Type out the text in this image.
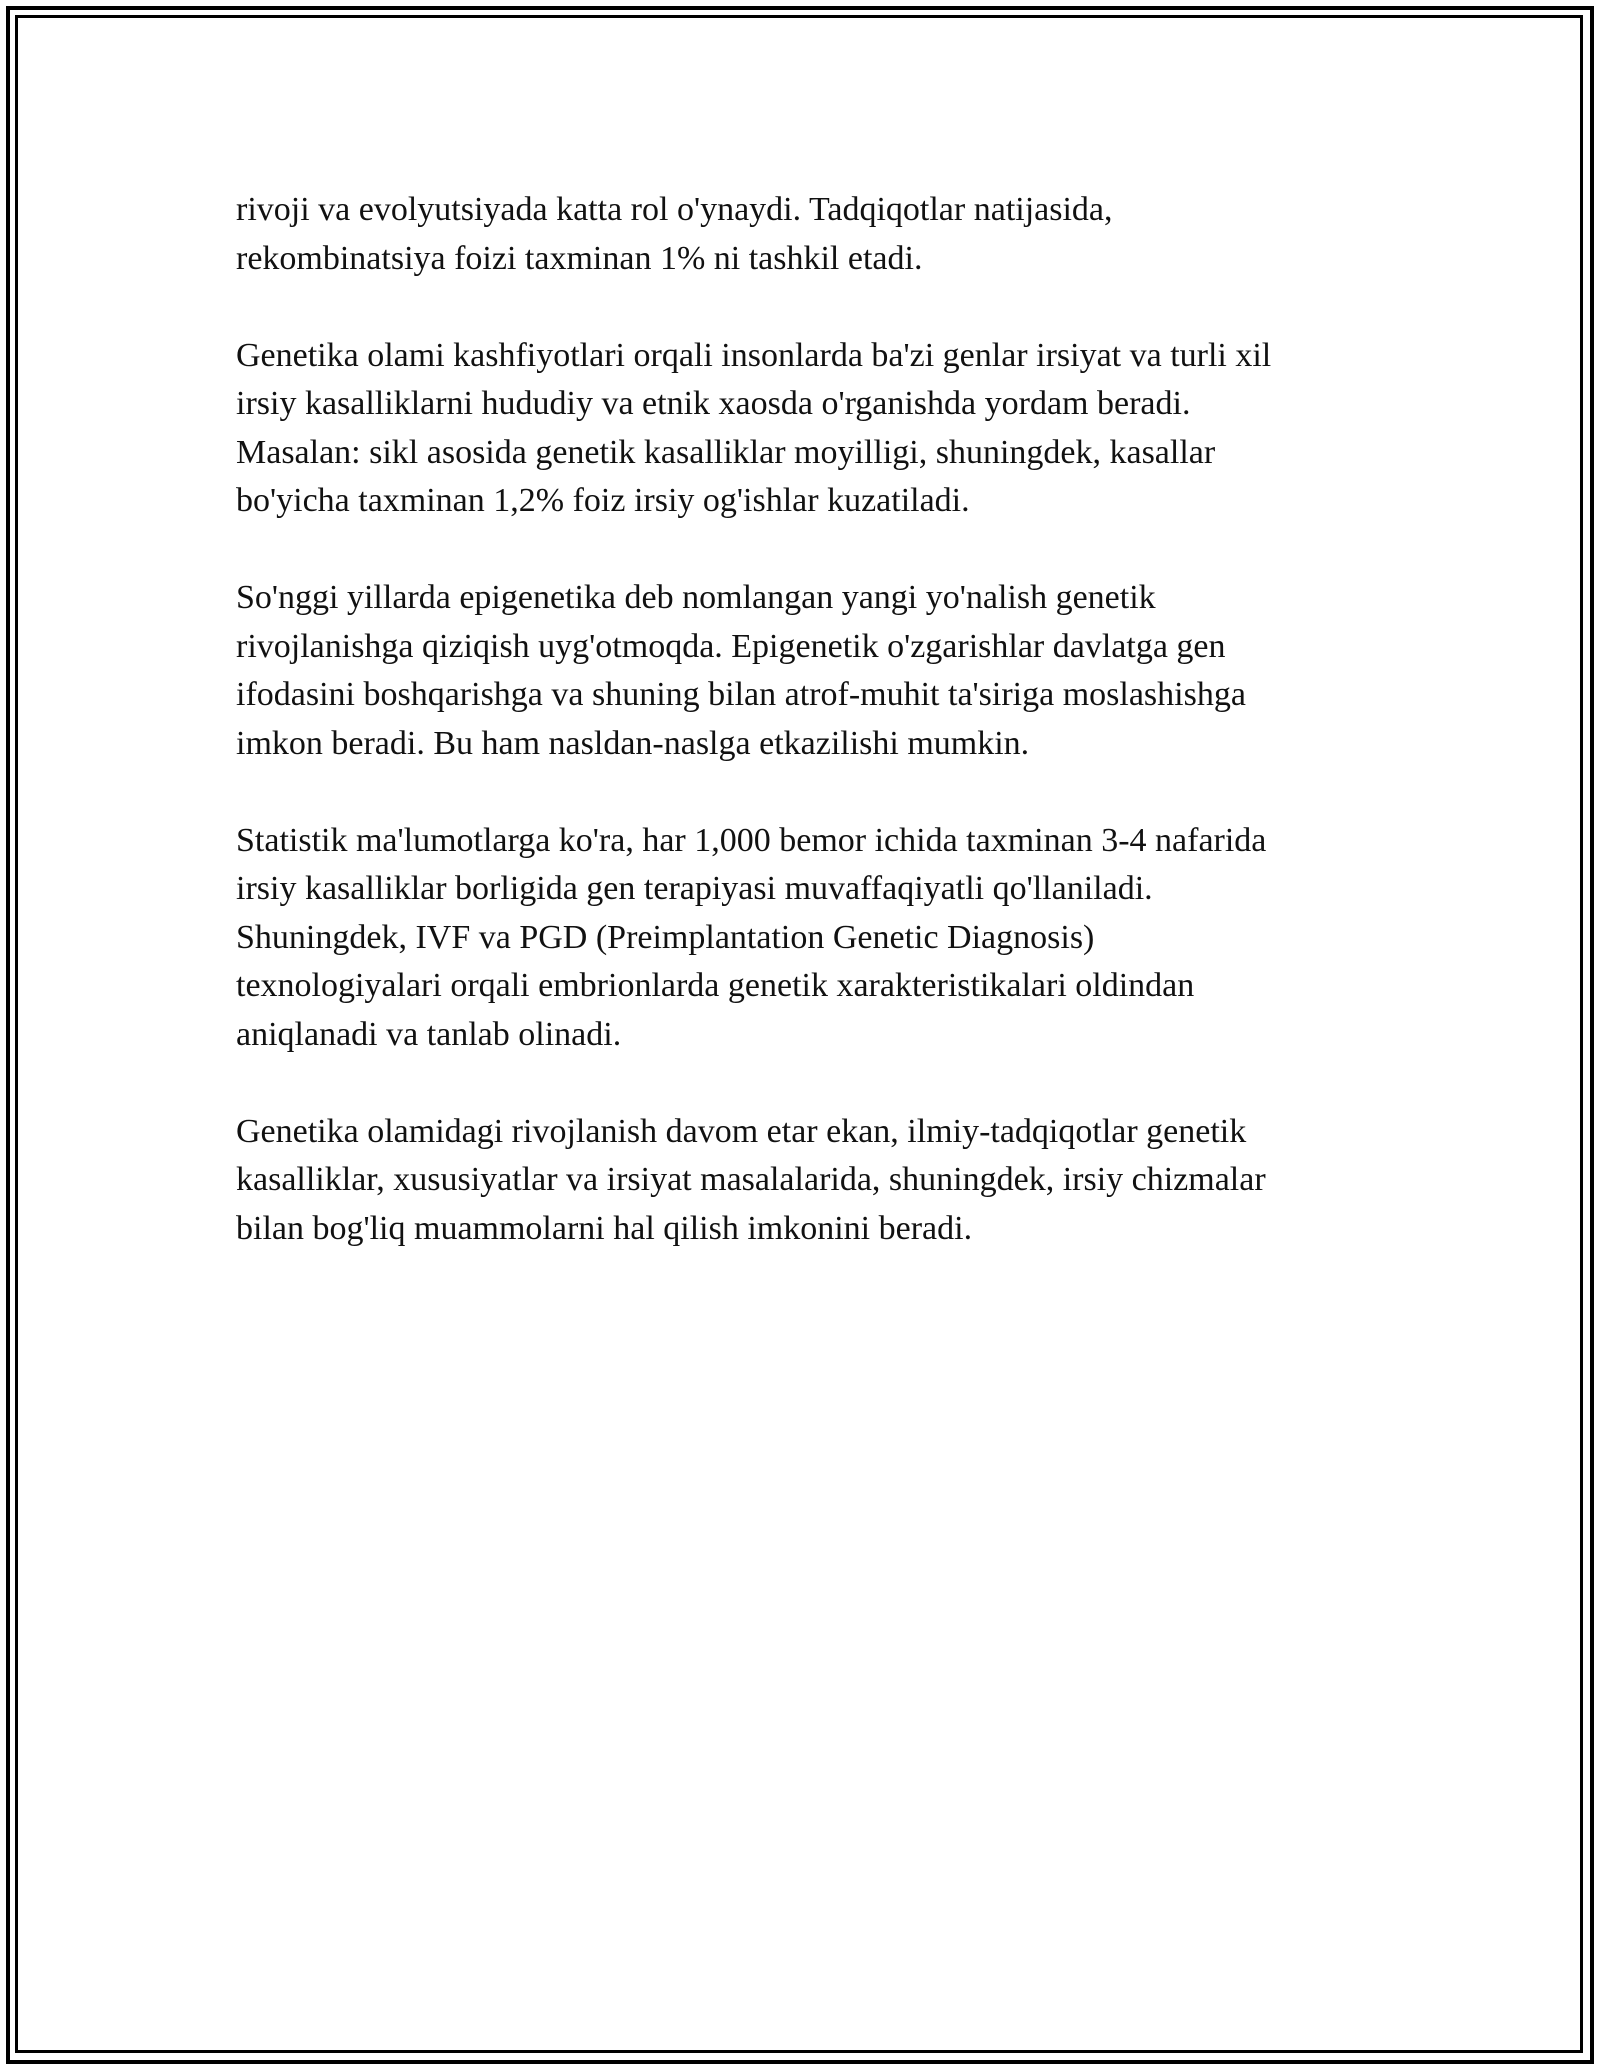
rivoji va evolyutsiyada katta rol o'ynaydi. Tadqiqotlar natijasida,
rekombinatsiya foizi taxminan 1% ni tashkil etadi.

Genetika olami kashfiyotlari orqali insonlarda ba'zi genlar irsiyat va turli xil
irsiy kasalliklarni hududiy va etnik xaosda o'rganishda yordam beradi.
Masalan: sikl asosida genetik kasalliklar moyilligi, shuningdek, kasallar
bo'yicha taxminan 1,2% foiz irsiy og'ishlar kuzatiladi.

So'nggi yillarda epigenetika deb nomlangan yangi yo'nalish genetik
rivojlanishga qiziqish uyg'otmoqda. Epigenetik o'zgarishlar davlatga gen
ifodasini boshqarishga va shuning bilan atrof-muhit ta'siriga moslashishga
imkon beradi. Bu ham nasldan-naslga etkazilishi mumkin.

Statistik ma'lumotlarga ko'ra, har 1,000 bemor ichida taxminan 3-4 nafarida
irsiy kasalliklar borligida gen terapiyasi muvaffaqiyatli qo'llaniladi.
Shuningdek, IVF va PGD (Preimplantation Genetic Diagnosis)
texnologiyalari orqali embrionlarda genetik xarakteristikalari oldindan
aniqlanadi va tanlab olinadi.

Genetika olamidagi rivojlanish davom etar ekan, ilmiy-tadqiqotlar genetik
kasalliklar, xususiyatlar va irsiyat masalalarida, shuningdek, irsiy chizmalar
bilan bog'liq muammolarni hal qilish imkonini beradi.
